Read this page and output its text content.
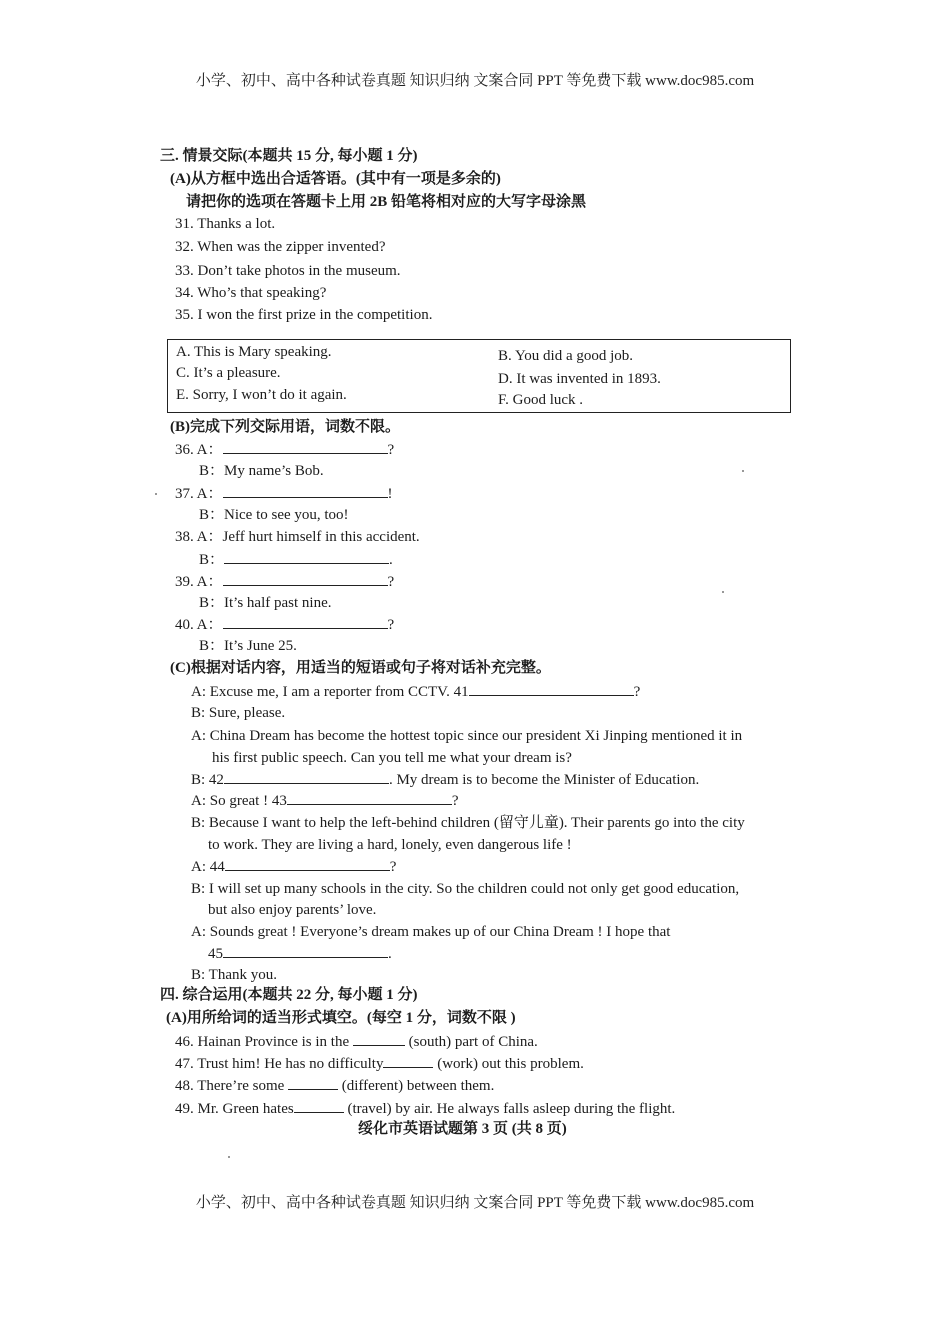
小学、初中、高中各种试卷真题 知识归纳 文案合同 PPT 等免费下载 www.doc985.com
三. 情景交际(本题共 15 分, 每小题 1 分)
(A)从方框中选出合适答语。(其中有一项是多余的)
请把你的选项在答题卡上用 2B 铅笔将相对应的大写字母涂黑
31. Thanks a lot.
32. When was the zipper invented?
33. Don’t take photos in the museum.
34. Who’s that speaking?
35. I won the first prize in the competition.
A. This is Mary speaking.	B. You did a good job.
C. It’s a pleasure.	D. It was invented in 1893.
E. Sorry, I won’t do it again.	F. Good luck .
(B)完成下列交际用语，词数不限。
36. A：	?
B：My name’s Bob.
37. A：	!
B：Nice to see you, too!
38. A：Jeff hurt himself in this accident.
B：	.
39. A：	?
B：It’s half past nine.
40. A：	?
B：It’s June 25.
(C)根据对话内容，用适当的短语或句子将对话补充完整。
A: Excuse me, I am a reporter from CCTV. 41	?
B: Sure, please.
A: China Dream has become the hottest topic since our president Xi Jinping mentioned it in
his first public speech. Can you tell me what your dream is?
B: 42	. My dream is to become the Minister of Education.
A: So great ! 43	?
B: Because I want to help the left-behind children (留守儿童). Their parents go into the city
to work. They are living a hard, lonely, even dangerous life !
A: 44	?
B: I will set up many schools in the city. So the children could not only get good education,
but also enjoy parents’ love.
A: Sounds great ! Everyone’s dream makes up of our China Dream ! I hope that
45	.
B: Thank you.
四. 综合运用(本题共 22 分, 每小题 1 分)
(A)用所给词的适当形式填空。(每空 1 分，词数不限 )
46. Hainan Province is in the	(south) part of China.
47. Trust him! He has no difficulty	(work) out this problem.
48. There’re some	(different) between them.
49. Mr. Green hates	(travel) by air. He always falls asleep during the flight.
绥化市英语试题第 3 页 (共 8 页)
小学、初中、高中各种试卷真题 知识归纳 文案合同 PPT 等免费下载 www.doc985.com
